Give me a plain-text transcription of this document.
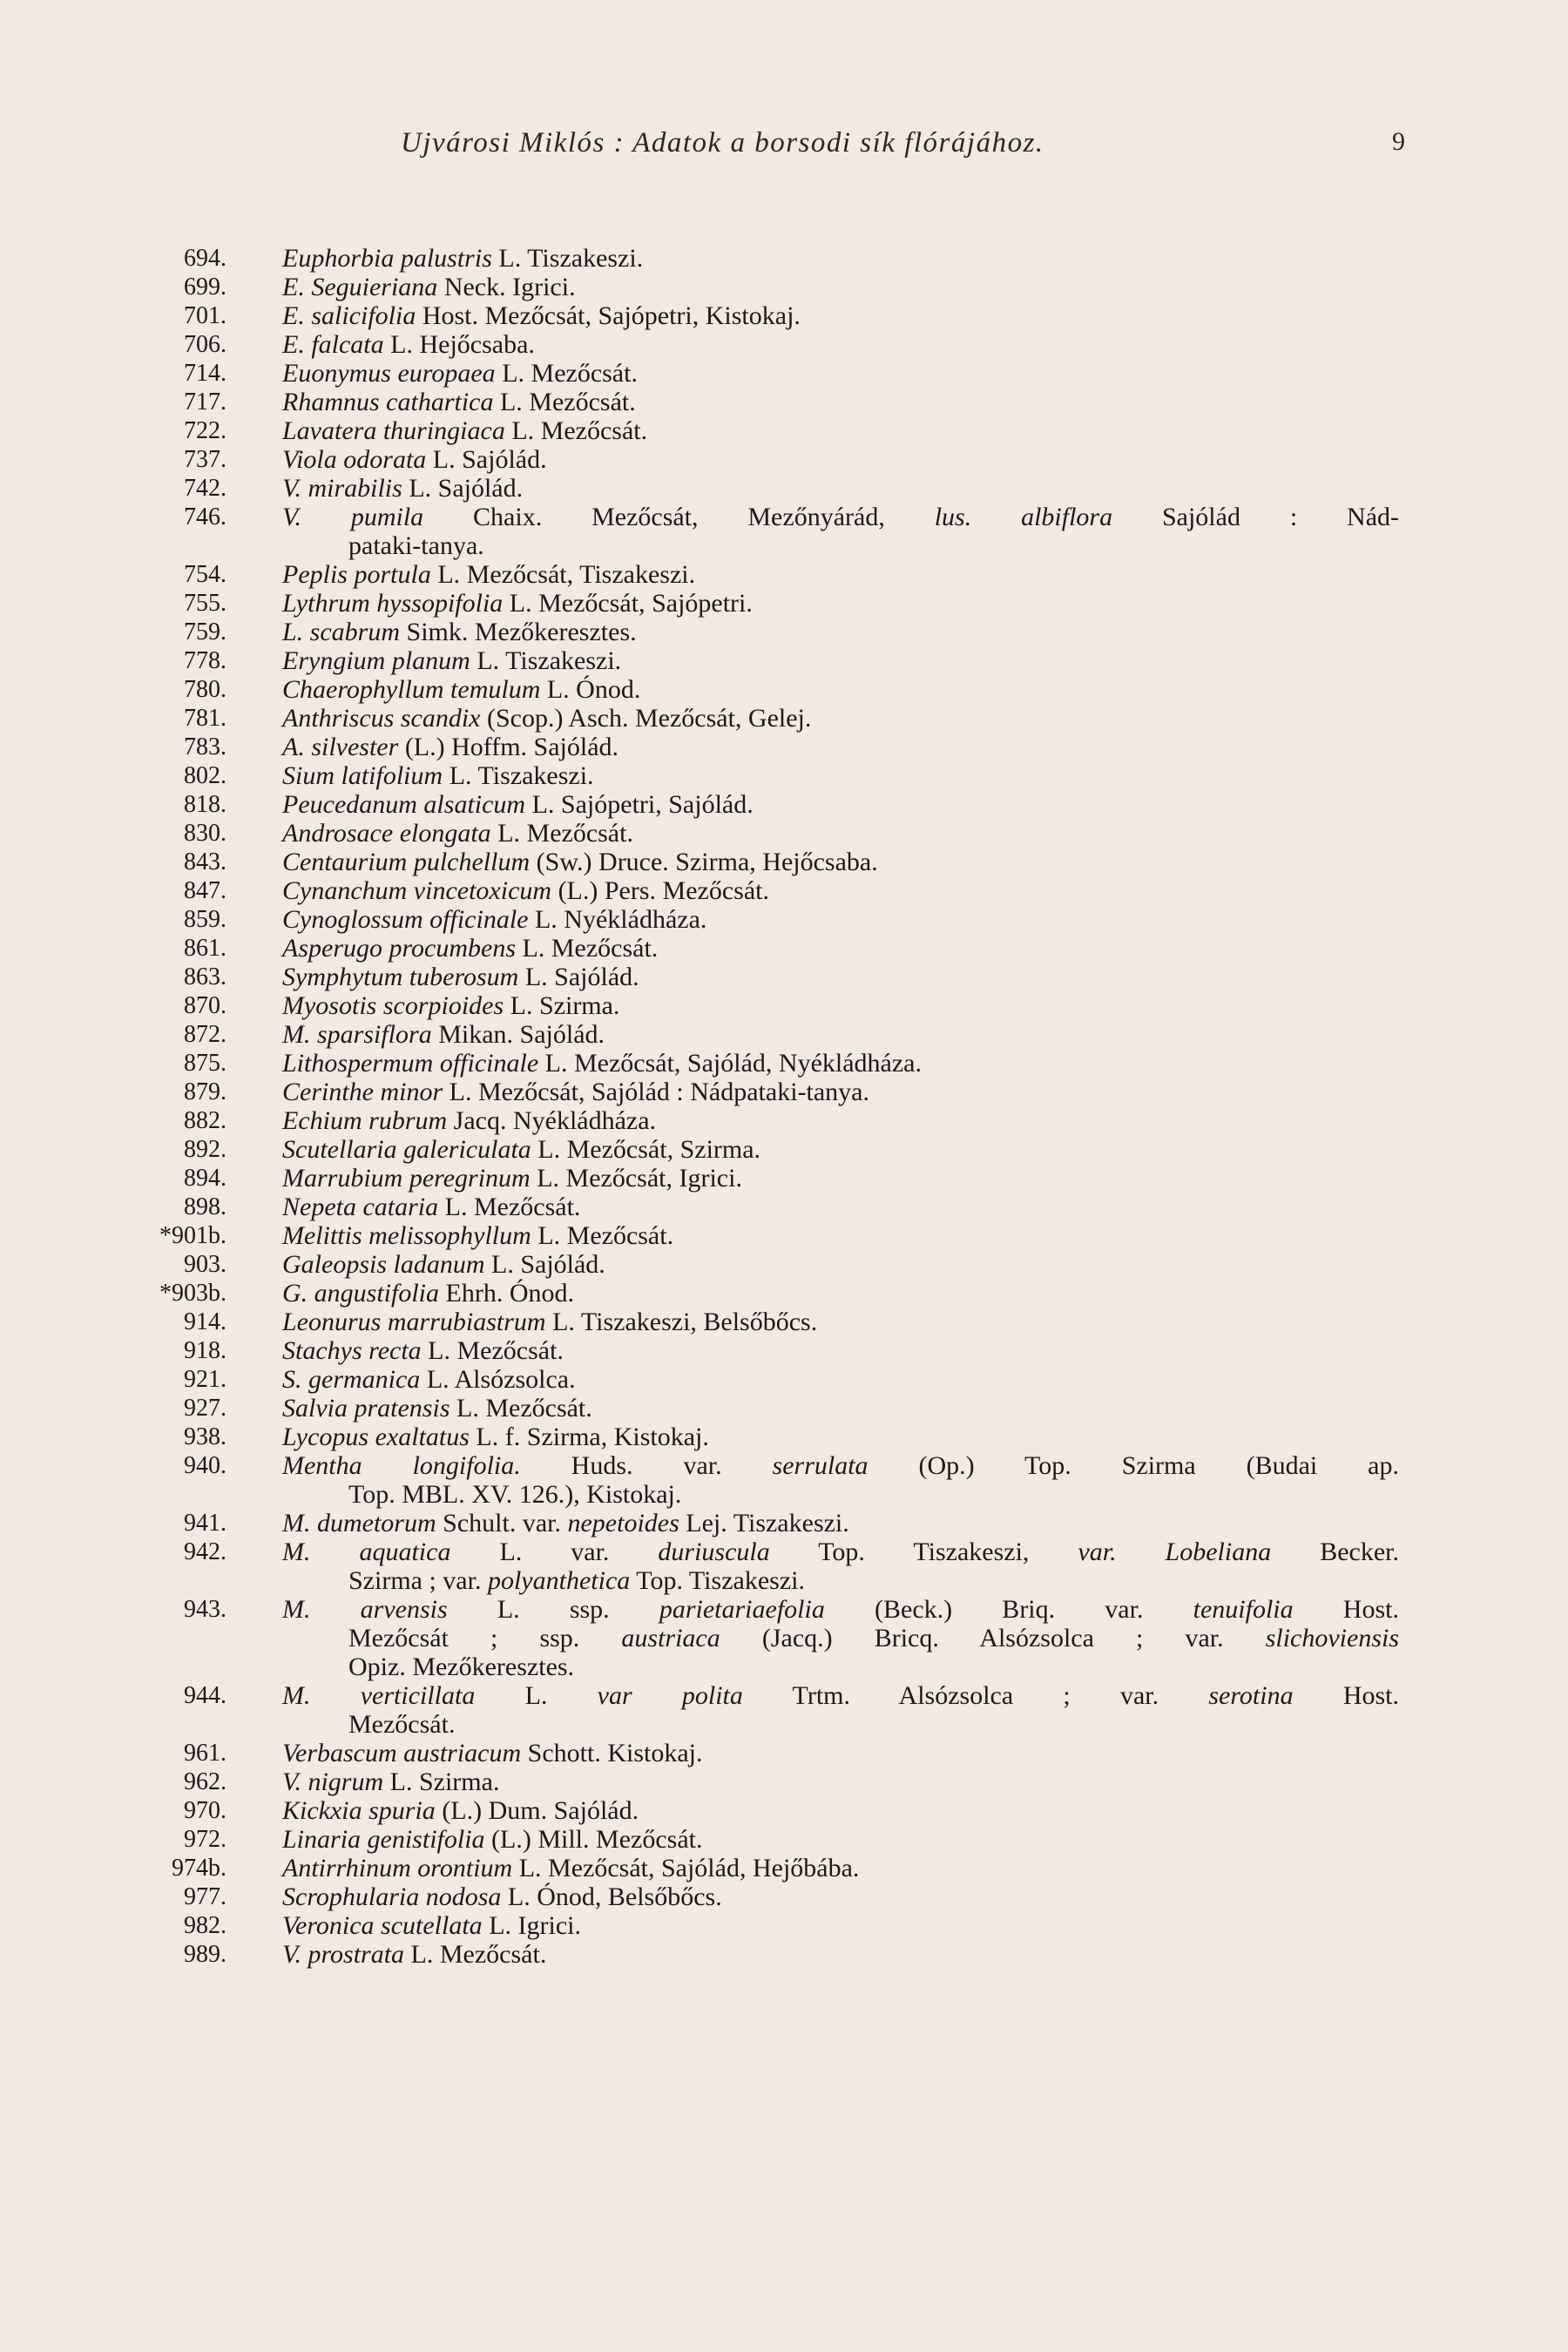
Ujvárosi Miklós : Adatok a borsodi sík flórájához.	9
694. Euphorbia palustris L. Tiszakeszi.
699. E. Seguieriana Neck. Igrici.
701. E. salicifolia Host. Mezőcsát, Sajópetri, Kistokaj.
706. E. falcata L. Hejőcsaba.
714. Euonymus europaea L. Mezőcsát.
717. Rhamnus cathartica L. Mezőcsát.
722. Lavatera thuringiaca L. Mezőcsát.
737. Viola odorata L. Sajólád.
742. V. mirabilis L. Sajólád.
746. V. pumila Chaix. Mezőcsát, Mezőnyárád, lus. albiflora Sajólád : Nád-
pataki-tanya.
754. Peplis portula L. Mezőcsát, Tiszakeszi.
755. Lythrum hyssopifolia L. Mezőcsát, Sajópetri.
759. L. scabrum Simk. Mezőkeresztes.
778. Eryngium planum L. Tiszakeszi.
780. Chaerophyllum temulum L. Ónod.
781. Anthriscus scandix (Scop.) Asch. Mezőcsát, Gelej.
783. A. silvester (L.) Hoffm. Sajólád.
802. Sium latifolium L. Tiszakeszi.
818. Peucedanum alsaticum L. Sajópetri, Sajólád.
830. Androsace elongata L. Mezőcsát.
843. Centaurium pulchellum (Sw.) Druce. Szirma, Hejőcsaba.
847. Cynanchum vincetoxicum (L.) Pers. Mezőcsát.
859. Cynoglossum officinale L. Nyékládháza.
861. Asperugo procumbens L. Mezőcsát.
863. Symphytum tuberosum L. Sajólád.
870. Myosotis scorpioides L. Szirma.
872. M. sparsiflora Mikan. Sajólád.
875. Lithospermum officinale L. Mezőcsát, Sajólád, Nyékládháza.
879. Cerinthe minor L. Mezőcsát, Sajólád : Nádpataki-tanya.
882. Echium rubrum Jacq. Nyékládháza.
892. Scutellaria galericulata L. Mezőcsát, Szirma.
894. Marrubium peregrinum L. Mezőcsát, Igrici.
898. Nepeta cataria L. Mezőcsát.
*901b. Melittis melissophyllum L. Mezőcsát.
903. Galeopsis ladanum L. Sajólád.
*903b. G. angustifolia Ehrh. Ónod.
914. Leonurus marrubiastrum L. Tiszakeszi, Belsőbőcs.
918. Stachys recta L. Mezőcsát.
921. S. germanica L. Alsózsolca.
927. Salvia pratensis L. Mezőcsát.
938. Lycopus exaltatus L. f. Szirma, Kistokaj.
940. Mentha longifolia. Huds. var. serrulata (Op.) Top. Szirma (Budai ap.
Top. MBL. XV. 126.), Kistokaj.
941. M. dumetorum Schult. var. nepetoides Lej. Tiszakeszi.
942. M. aquatica L. var. duriuscula Top. Tiszakeszi, var. Lobeliana Becker.
Szirma ; var. polyanthetica Top. Tiszakeszi.
943. M. arvensis L. ssp. parietariaefolia (Beck.) Briq. var. tenuifolia Host.
Mezőcsát ; ssp. austriaca (Jacq.) Bricq. Alsózsolca ; var. slichoviensis
Opiz. Mezőkeresztes.
944. M. verticillata L. var polita Trtm. Alsózsolca ; var. serotina Host.
Mezőcsát.
961. Verbascum austriacum Schott. Kistokaj.
962. V. nigrum L. Szirma.
970. Kickxia spuria (L.) Dum. Sajólád.
972. Linaria genistifolia (L.) Mill. Mezőcsát.
974b. Antirrhinum orontium L. Mezőcsát, Sajólád, Hejőbába.
977. Scrophularia nodosa L. Ónod, Belsőbőcs.
982. Veronica scutellata L. Igrici.
989. V. prostrata L. Mezőcsát.
